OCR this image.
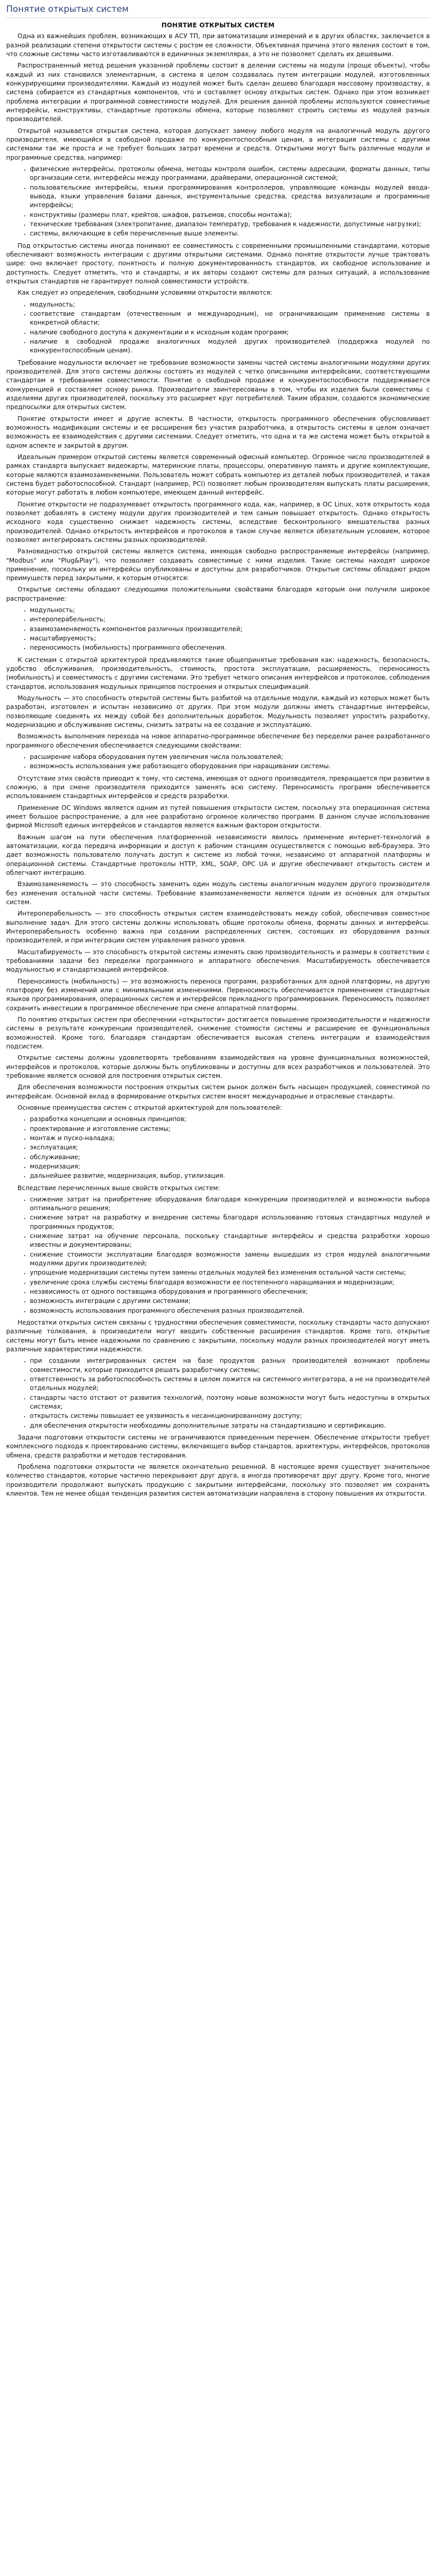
Понятие открытых систем
ПОНЯТИЕ ОТКРЫТЫХ СИСТЕМ

Одна из важнейших проблем, возникающих в АСУ ТП, при автоматизации измерений и в других областях, заключается в разной реализации степени открытости системы с ростом ее сложности. Объективная причина этого явления состоит в том, что сложные системы часто изготавливаются в единичных экземплярах, а это не позволяет сделать их дешевыми.

Распространенный метод решения указанной проблемы состоит в делении системы на модули (проще объекты), чтобы каждый из них становился элементарным, а система в целом создавалась путем интеграции модулей, изготовленных конкурирующими производителями. Каждый из модулей может быть сделан дешево благодаря массовому производству, а система собирается из стандартных компонентов, что и составляет основу открытых систем. Однако при этом возникает проблема интеграции и программной совместимости модулей. Для решения данной проблемы используются совместимые интерфейсы, конструктивы, стандартные протоколы обмена, которые позволяют строить системы из модулей разных производителей.

Открытой называется открытая система, которая допускает замену любого модуля на аналогичный модуль другого производителя, имеющийся в свободной продаже по конкурентоспособным ценам, а интеграция системы с другими системами так же проста и не требует больших затрат времени и средств. Открытыми могут быть различные модули и программные средства, например:

• физические интерфейсы, протоколы обмена, методы контроля ошибок, системы адресации, форматы данных, типы организации сети, интерфейсы между программами, драйверами, операционной системой;
• пользовательские интерфейсы, языки программирования контроллеров, управляющие команды модулей ввода-вывода, языки управления базами данных, инструментальные средства, средства визуализации и программные интерфейсы;
• конструктивы (размеры плат, крейтов, шкафов, разъемов, способы монтажа);
• технические требования (электропитание, диапазон температур, требования к надежности, допустимые нагрузки);
• системы, включающие в себя перечисленные выше элементы.

Под открытостью системы иногда понимают ее совместимость с современными промышленными стандартами, которые обеспечивают возможность интеграции с другими открытыми системами. Однако понятие открытости лучше трактовать шире: оно включает простоту, понятность и полную документированность стандартов, их свободное использование и доступность. Следует отметить, что и стандарты, и их авторы создают системы для разных ситуаций, а использование открытых стандартов не гарантирует полной совместимости устройств.

Как следует из определения, свободными условиями открытости являются:

• модульность;
• соответствие стандартам (отечественным и международным), не ограничивающим применение системы в конкретной области;
• наличие свободного доступа к документации и к исходным кодам программ;
• наличие в свободной продаже аналогичных модулей других производителей (поддержка модулей по конкурентоспособным ценам).

Требование модульности включает не требование возможности замены частей системы аналогичными модулями других производителей. Для этого системы должны состоять из модулей с четко описанными интерфейсами, соответствующими стандартам и требованиям совместимости. Понятие о свободной продаже и конкурентоспособности поддерживается конкуренцией и составляет основу рынка. Производители заинтересованы в том, чтобы их изделия были совместимы с изделиями других производителей, поскольку это расширяет круг потребителей. Таким образом, создаются экономические предпосылки для открытых систем.

Понятие открытости имеет и другие аспекты. В частности, открытость программного обеспечения обусловливает возможность модификации системы и ее расширения без участия разработчика, а открытость системы в целом означает возможность ее взаимодействия с другими системами. Следует отметить, что одна и та же система может быть открытой в одном аспекте и закрытой в другом.

Идеальным примером открытой системы является современный офисный компьютер. Огромное число производителей в рамках стандарта выпускает видеокарты, материнские платы, процессоры, оперативную память и другие комплектующие, которые являются взаимозаменяемыми. Пользователь может собрать компьютер из деталей любых производителей, и такая система будет работоспособной. Стандарт (например, PCI) позволяет любым производителям выпускать платы расширения, которые могут работать в любом компьютере, имеющем данный интерфейс.

Понятие открытости не подразумевает открытость программного кода, как, например, в ОС Linux, хотя открытость кода позволяет добавлять в систему модули других производителей и тем самым повышает открытость. Однако открытость исходного кода существенно снижает надежность системы, вследствие бесконтрольного вмешательства разных производителей. Однако открытость интерфейсов и протоколов в таком случае является обязательным условием, которое позволяет интегрировать системы разных производителей.

Разновидностью открытой системы является система, имеющая свободно распространяемые интерфейсы (например, "Modbus" или "Plug&Play"), что позволяет создавать совместимые с ними изделия. Такие системы находят широкое применение, поскольку их интерфейсы опубликованы и доступны для разработчиков. Открытые системы обладают рядом преимуществ перед закрытыми, к которым относятся:

Открытые системы обладают следующими положительными свойствами благодаря которым они получили широкое распространение:

• модульность;
• интероперабельность;
• взаимозаменяемость компонентов различных производителей;
• масштабируемость;
• переносимость (мобильность) программного обеспечения.

К системам с открытой архитектурой предъявляются такие общепринятые требования как: надежность, безопасность, удобство обслуживания, производительность, стоимость, простота эксплуатации, расширяемость, переносимость (мобильность) и совместимость с другими системами. Это требует четкого описания интерфейсов и протоколов, соблюдения стандартов, использования модульных принципов построения и открытых спецификаций.

Модульность — это способность открытой системы быть разбитой на отдельные модули, каждый из которых может быть разработан, изготовлен и испытан независимо от других. При этом модули должны иметь стандартные интерфейсы, позволяющие соединять их между собой без дополнительных доработок. Модульность позволяет упростить разработку, модернизацию и обслуживание системы, снизить затраты на ее создание и эксплуатацию.

Возможность выполнения перехода на новое аппаратно-программное обеспечение без переделки ранее разработанного программного обеспечения обеспечивается следующими свойствами:

• расширение набора оборудования путем увеличения числа пользователей;
• возможность использования уже работающего оборудования при наращивании системы.

Отсутствие этих свойств приводит к тому, что система, имеющая от одного производителя, превращается при развитии в сложную, а при смене производителя приходится заменять всю систему. Переносимость программ обеспечивается использованием стандартных интерфейсов и средств разработки.

Применение ОС Windows является одним из путей повышения открытости систем, поскольку эта операционная система имеет большое распространение, а для нее разработано огромное количество программ. В данном случае использование фирмой Microsoft единых интерфейсов и стандартов является важным фактором открытости.

Важным шагом на пути обеспечения платформенной независимости явилось применение интернет-технологий в автоматизации, когда передача информации и доступ к рабочим станциям осуществляется с помощью веб-браузера. Это дает возможность пользователю получать доступ к системе из любой точки, независимо от аппаратной платформы и операционной системы. Стандартные протоколы HTTP, XML, SOAP, OPC UA и другие обеспечивают открытость систем и облегчают интеграцию.

Взаимозаменяемость — это способность заменить один модуль системы аналогичным модулем другого производителя без изменения остальной части системы. Требование взаимозаменяемости является одним из основных для открытых систем.

Интероперабельность — это способность открытых систем взаимодействовать между собой, обеспечивая совместное выполнение задач. Для этого системы должны использовать общие протоколы обмена, форматы данных и интерфейсы. Интероперабельность особенно важна при создании распределенных систем, состоящих из оборудования разных производителей, и при интеграции систем управления разного уровня.

Масштабируемость — это способность открытой системы изменять свою производительность и размеры в соответствии с требованиями задачи без переделки программного и аппаратного обеспечения. Масштабируемость обеспечивается модульностью и стандартизацией интерфейсов.

Переносимость (мобильность) — это возможность переноса программ, разработанных для одной платформы, на другую платформу без изменений или с минимальными изменениями. Переносимость обеспечивается применением стандартных языков программирования, операционных систем и интерфейсов прикладного программирования. Переносимость позволяет сохранить инвестиции в программное обеспечение при смене аппаратной платформы.

По понятию открытых систем при обеспечении «открытости» достигается повышение производительности и надежности системы в результате конкуренции производителей, снижение стоимости системы и расширение ее функциональных возможностей. Кроме того, благодаря стандартам обеспечивается высокая степень интеграции и взаимодействия подсистем.

Открытые системы должны удовлетворять требованиям взаимодействия на уровне функциональных возможностей, интерфейсов и протоколов, которые должны быть опубликованы и доступны для всех разработчиков и пользователей. Это требование является основой для построения открытых систем.

Для обеспечения возможности построения открытых систем рынок должен быть насыщен продукцией, совместимой по интерфейсам. Основной вклад в формирование открытых систем вносят международные и отраслевые стандарты.

Основные преимущества систем с открытой архитектурой для пользователей:

• разработка концепции и основных принципов;
• проектирование и изготовление системы;
• монтаж и пуско-наладка;
• эксплуатация;
• обслуживание;
• модернизация;
• дальнейшее развитие, модернизация, выбор, утилизация.

Вследствие перечисленных выше свойств открытых систем:

• снижение затрат на приобретение оборудования благодаря конкуренции производителей и возможности выбора оптимального решения;
• снижение затрат на разработку и внедрение системы благодаря использованию готовых стандартных модулей и программных продуктов;
• снижение затрат на обучение персонала, поскольку стандартные интерфейсы и средства разработки хорошо известны и документированы;
• снижение стоимости эксплуатации благодаря возможности замены вышедших из строя модулей аналогичными модулями других производителей;
• упрощение модернизации системы путем замены отдельных модулей без изменения остальной части системы;
• увеличение срока службы системы благодаря возможности ее постепенного наращивания и модернизации;
• независимость от одного поставщика оборудования и программного обеспечения;
• возможность интеграции с другими системами;
• возможность использования программного обеспечения разных производителей.

Недостатки открытых систем связаны с трудностями обеспечения совместимости, поскольку стандарты часто допускают различные толкования, а производители могут вводить собственные расширения стандартов. Кроме того, открытые системы могут быть менее надежными по сравнению с закрытыми, поскольку модули разных производителей могут иметь различные характеристики надежности.

• при создании интегрированных систем на базе продуктов разных производителей возникают проблемы совместимости, которые приходится решать разработчику системы;
• ответственность за работоспособность системы в целом ложится на системного интегратора, а не на производителей отдельных модулей;
• стандарты часто отстают от развития технологий, поэтому новые возможности могут быть недоступны в открытых системах;
• открытость системы повышает ее уязвимость к несанкционированному доступу;
• для обеспечения открытости необходимы дополнительные затраты на стандартизацию и сертификацию.

Задачи подготовки открытости системы не ограничиваются приведенным перечнем. Обеспечение открытости требует комплексного подхода к проектированию системы, включающего выбор стандартов, архитектуры, интерфейсов, протоколов обмена, средств разработки и методов тестирования.

Проблема подготовки открытости не является окончательно решенной. В настоящее время существует значительное количество стандартов, которые частично перекрывают друг друга, а иногда противоречат друг другу. Кроме того, многие производители продолжают выпускать продукцию с закрытыми интерфейсами, поскольку это позволяет им сохранять клиентов. Тем не менее общая тенденция развития систем автоматизации направлена в сторону повышения их открытости.
